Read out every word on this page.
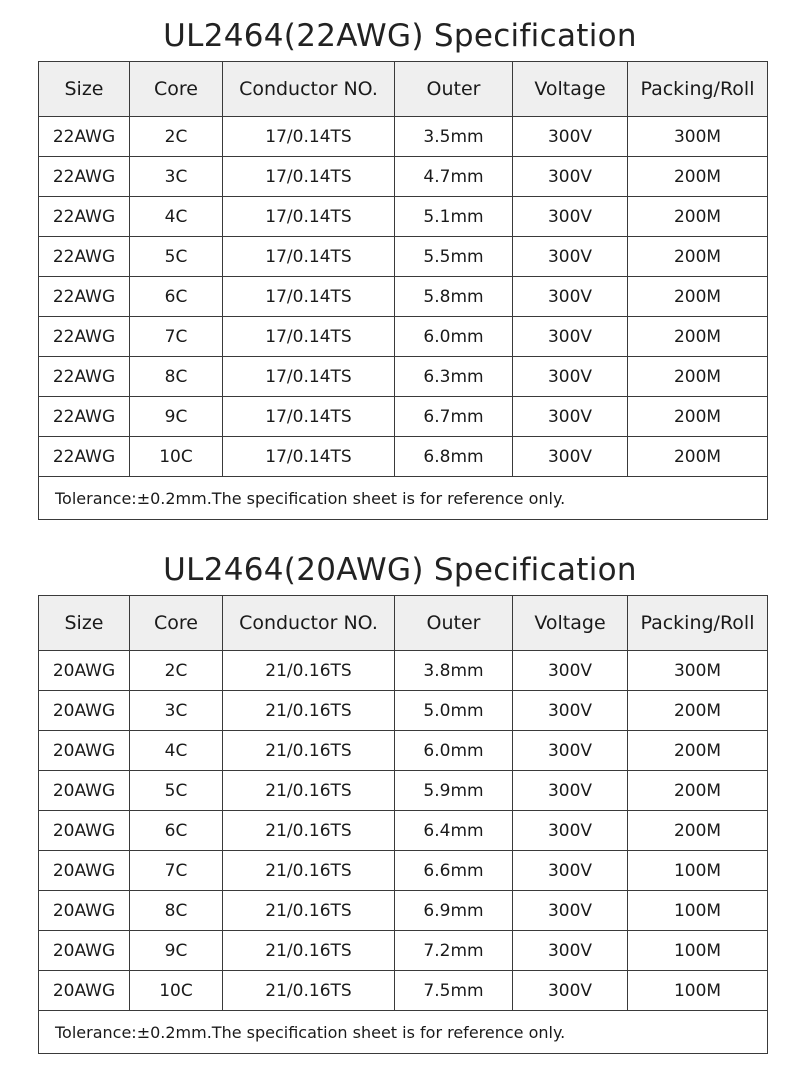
UL2464(22AWG) Specification
Size	Core	Conductor NO.	Outer	Voltage	Packing/Roll
22AWG	2C	17/0.14TS	3.5mm	300V	300M
22AWG	3C	17/0.14TS	4.7mm	300V	200M
22AWG	4C	17/0.14TS	5.1mm	300V	200M
22AWG	5C	17/0.14TS	5.5mm	300V	200M
22AWG	6C	17/0.14TS	5.8mm	300V	200M
22AWG	7C	17/0.14TS	6.0mm	300V	200M
22AWG	8C	17/0.14TS	6.3mm	300V	200M
22AWG	9C	17/0.14TS	6.7mm	300V	200M
22AWG	10C	17/0.14TS	6.8mm	300V	200M
Tolerance:±0.2mm.The specification sheet is for reference only.					
UL2464(20AWG) Specification
Size	Core	Conductor NO.	Outer	Voltage	Packing/Roll
20AWG	2C	21/0.16TS	3.8mm	300V	300M
20AWG	3C	21/0.16TS	5.0mm	300V	200M
20AWG	4C	21/0.16TS	6.0mm	300V	200M
20AWG	5C	21/0.16TS	5.9mm	300V	200M
20AWG	6C	21/0.16TS	6.4mm	300V	200M
20AWG	7C	21/0.16TS	6.6mm	300V	100M
20AWG	8C	21/0.16TS	6.9mm	300V	100M
20AWG	9C	21/0.16TS	7.2mm	300V	100M
20AWG	10C	21/0.16TS	7.5mm	300V	100M
Tolerance:±0.2mm.The specification sheet is for reference only.					
